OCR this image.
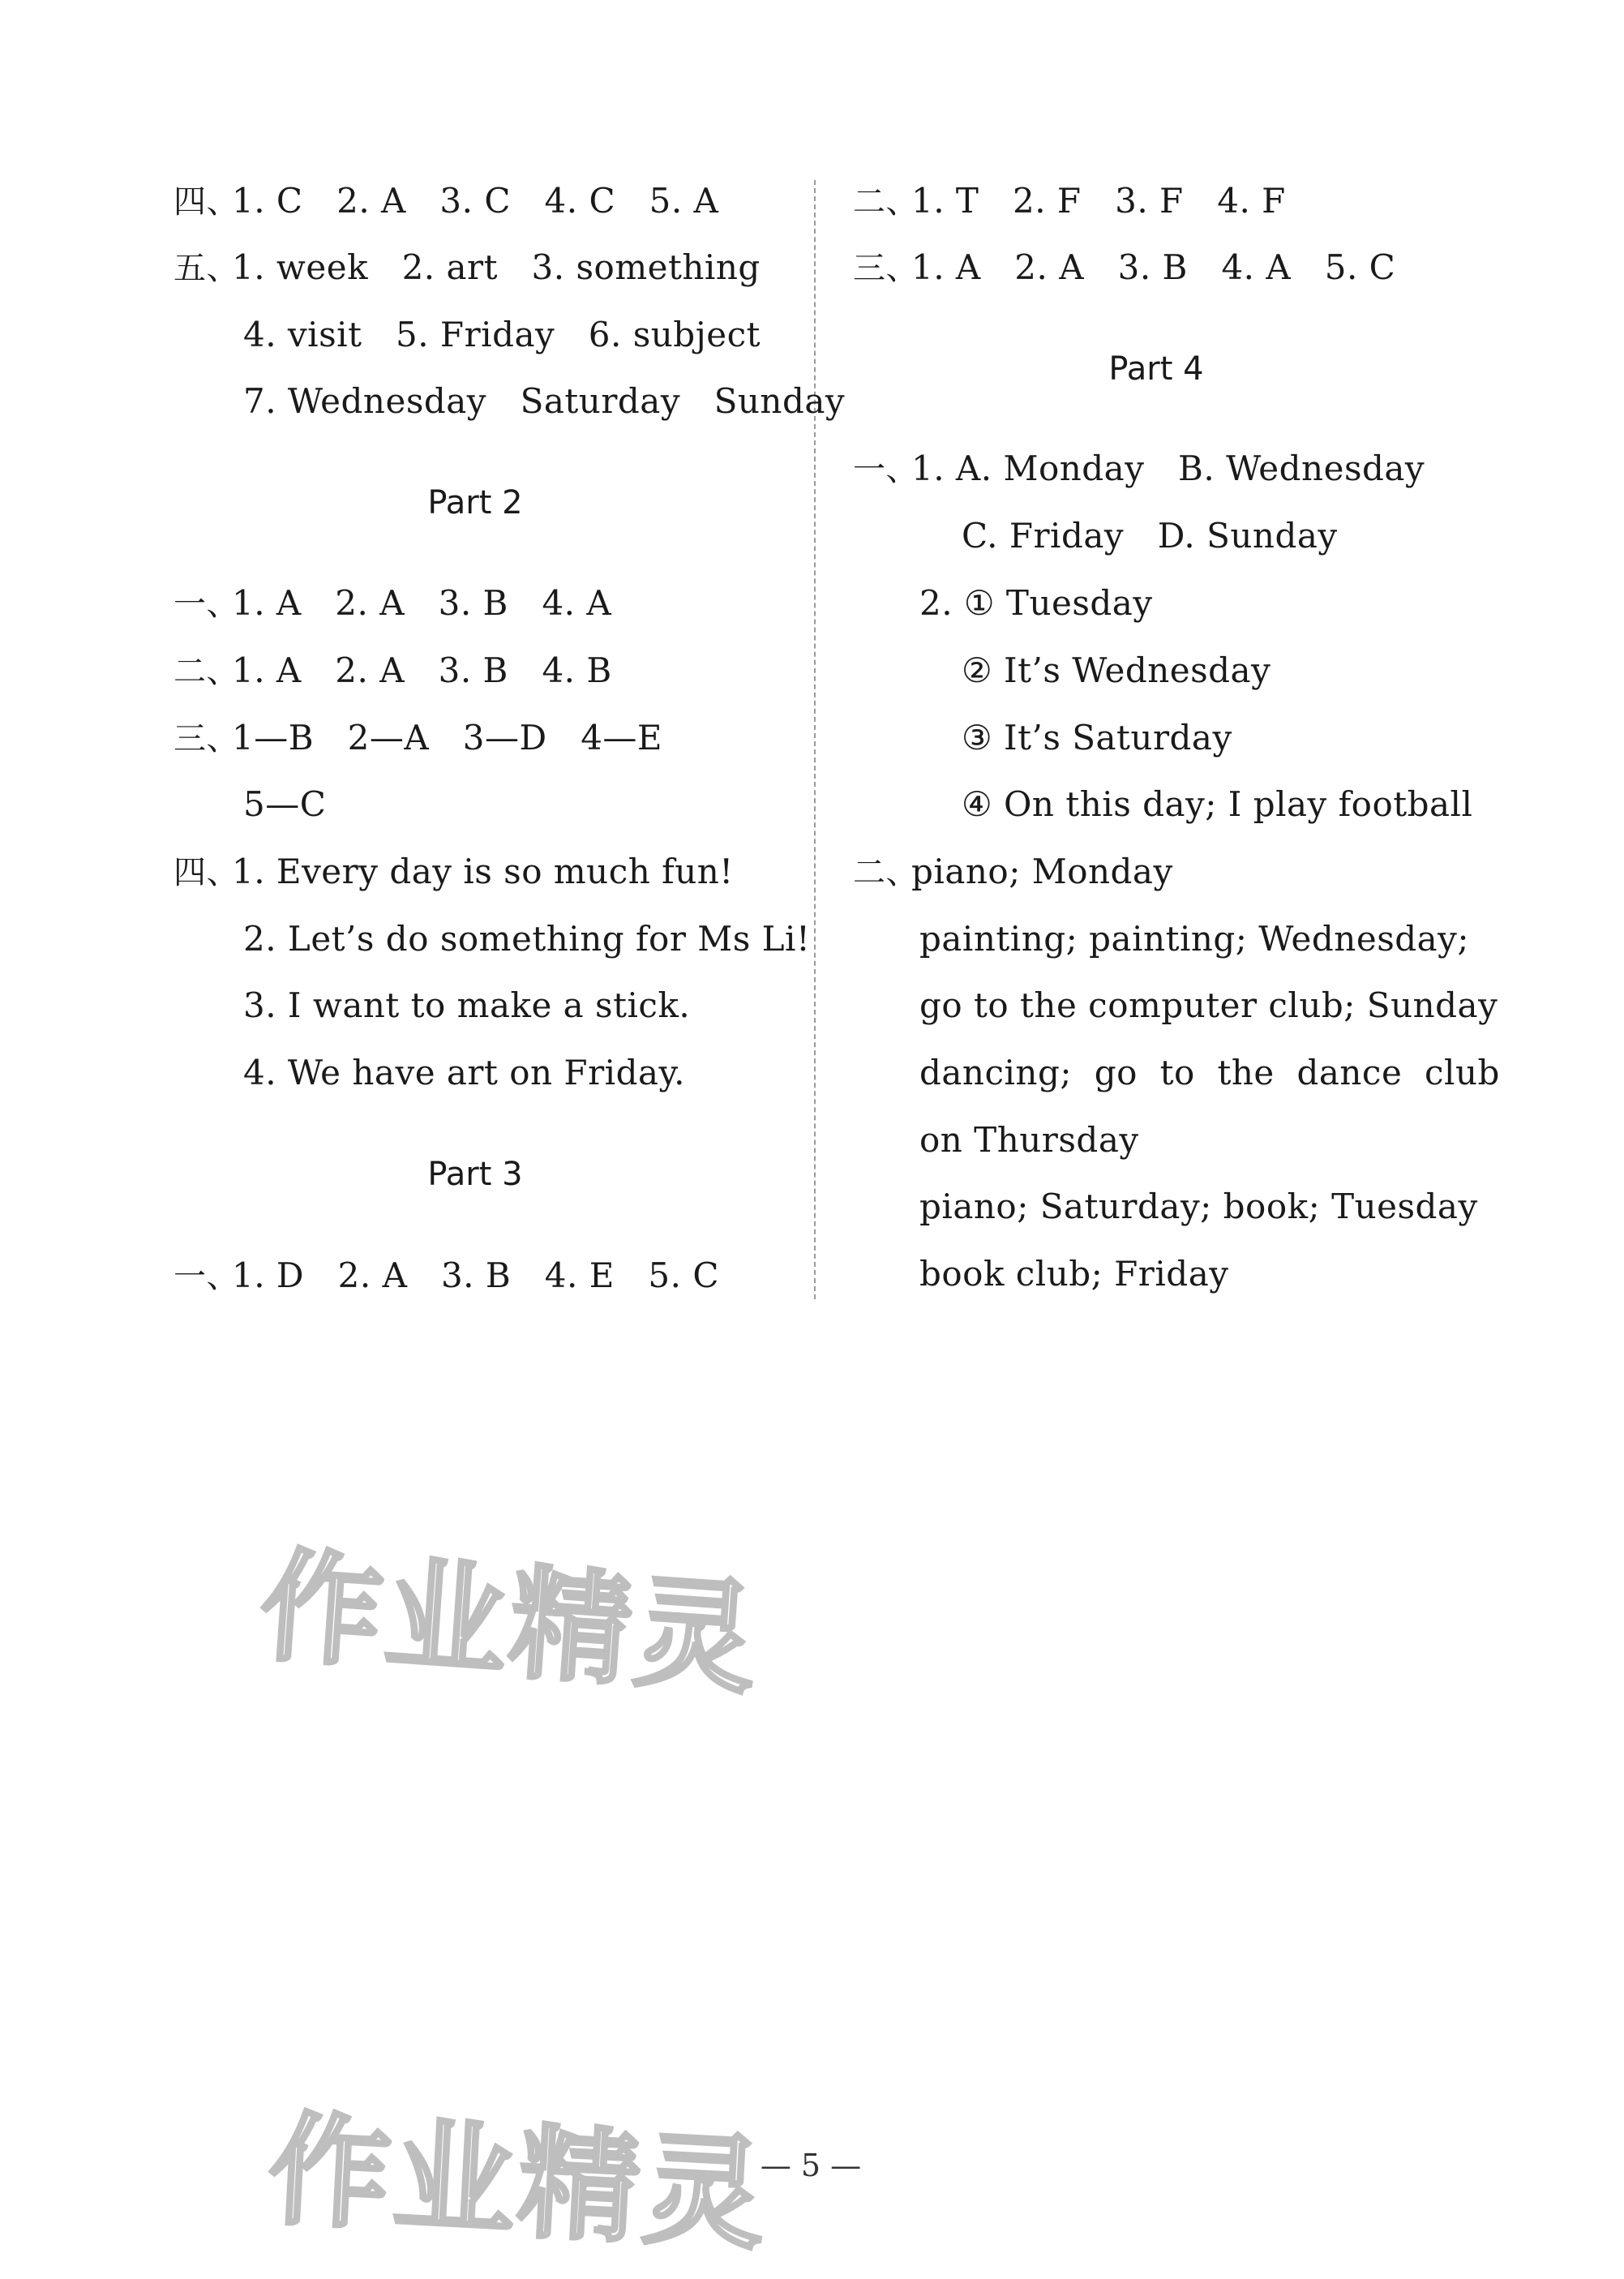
四、1. C   2. A   3. C   4. C   5. A
五、1. week   2. art   3. something
4. visit   5. Friday   6. subject
7. Wednesday   Saturday   Sunday
Part 2
一、1. A   2. A   3. B   4. A
二、1. A   2. A   3. B   4. B
三、1—B   2—A   3—D   4—E
5—C
四、1. Every day is so much fun!
2. Let’s do something for Ms Li!
3. I want to make a stick.
4. We have art on Friday.
Part 3
一、1. D   2. A   3. B   4. E   5. C
二、1. T   2. F   3. F   4. F
三、1. A   2. A   3. B   4. A   5. C
Part 4
一、1. A. Monday   B. Wednesday
C. Friday   D. Sunday
2. ① Tuesday
② It’s Wednesday
③ It’s Saturday
④ On this day; I play football
二、piano; Monday
painting; painting; Wednesday;
go to the computer club; Sunday
dancing;  go  to  the  dance  club
on Thursday
piano; Saturday; book; Tuesday
book club; Friday
作业精灵
作业精灵
— 5 —
